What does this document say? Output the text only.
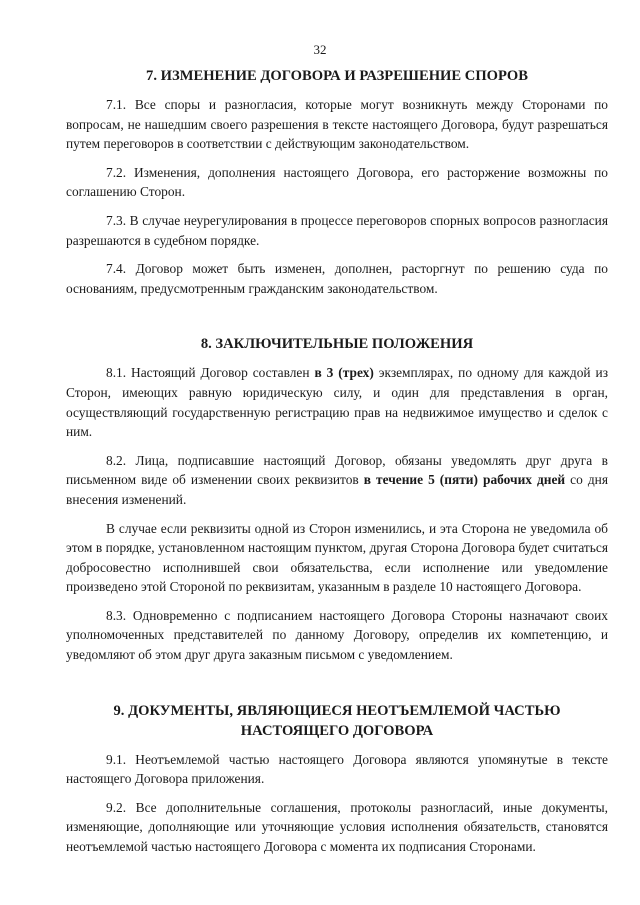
32
7. ИЗМЕНЕНИЕ ДОГОВОРА И РАЗРЕШЕНИЕ СПОРОВ

7.1. Все споры и разногласия, которые могут возникнуть между Сторонами по вопросам, не нашедшим своего разрешения в тексте настоящего Договора, будут разрешаться путем переговоров в соответствии с действующим законодательством.

7.2. Изменения, дополнения настоящего Договора, его расторжение возможны по соглашению Сторон.

7.3. В случае неурегулирования в процессе переговоров спорных вопросов разногласия разрешаются в судебном порядке.

7.4. Договор может быть изменен, дополнен, расторгнут по решению суда по основаниям, предусмотренным гражданским законодательством.

8. ЗАКЛЮЧИТЕЛЬНЫЕ ПОЛОЖЕНИЯ

8.1. Настоящий Договор составлен в 3 (трех) экземплярах, по одному для каждой из Сторон, имеющих равную юридическую силу, и один для представления в орган, осуществляющий государственную регистрацию прав на недвижимое имущество и сделок с ним.

8.2. Лица, подписавшие настоящий Договор, обязаны уведомлять друг друга в письменном виде об изменении своих реквизитов в течение 5 (пяти) рабочих дней со дня внесения изменений.

В случае если реквизиты одной из Сторон изменились, и эта Сторона не уведомила об этом в порядке, установленном настоящим пунктом, другая Сторона Договора будет считаться добросовестно исполнившей свои обязательства, если исполнение или уведомление произведено этой Стороной по реквизитам, указанным в разделе 10 настоящего Договора.

8.3. Одновременно с подписанием настоящего Договора Стороны назначают своих уполномоченных представителей по данному Договору, определив их компетенцию, и уведомляют об этом друг друга заказным письмом с уведомлением.

9. ДОКУМЕНТЫ, ЯВЛЯЮЩИЕСЯ НЕОТЪЕМЛЕМОЙ ЧАСТЬЮ
НАСТОЯЩЕГО ДОГОВОРА

9.1. Неотъемлемой частью настоящего Договора являются упомянутые в тексте настоящего Договора приложения.

9.2. Все дополнительные соглашения, протоколы разногласий, иные документы, изменяющие, дополняющие или уточняющие условия исполнения обязательств, становятся неотъемлемой частью настоящего Договора с момента их подписания Сторонами.
